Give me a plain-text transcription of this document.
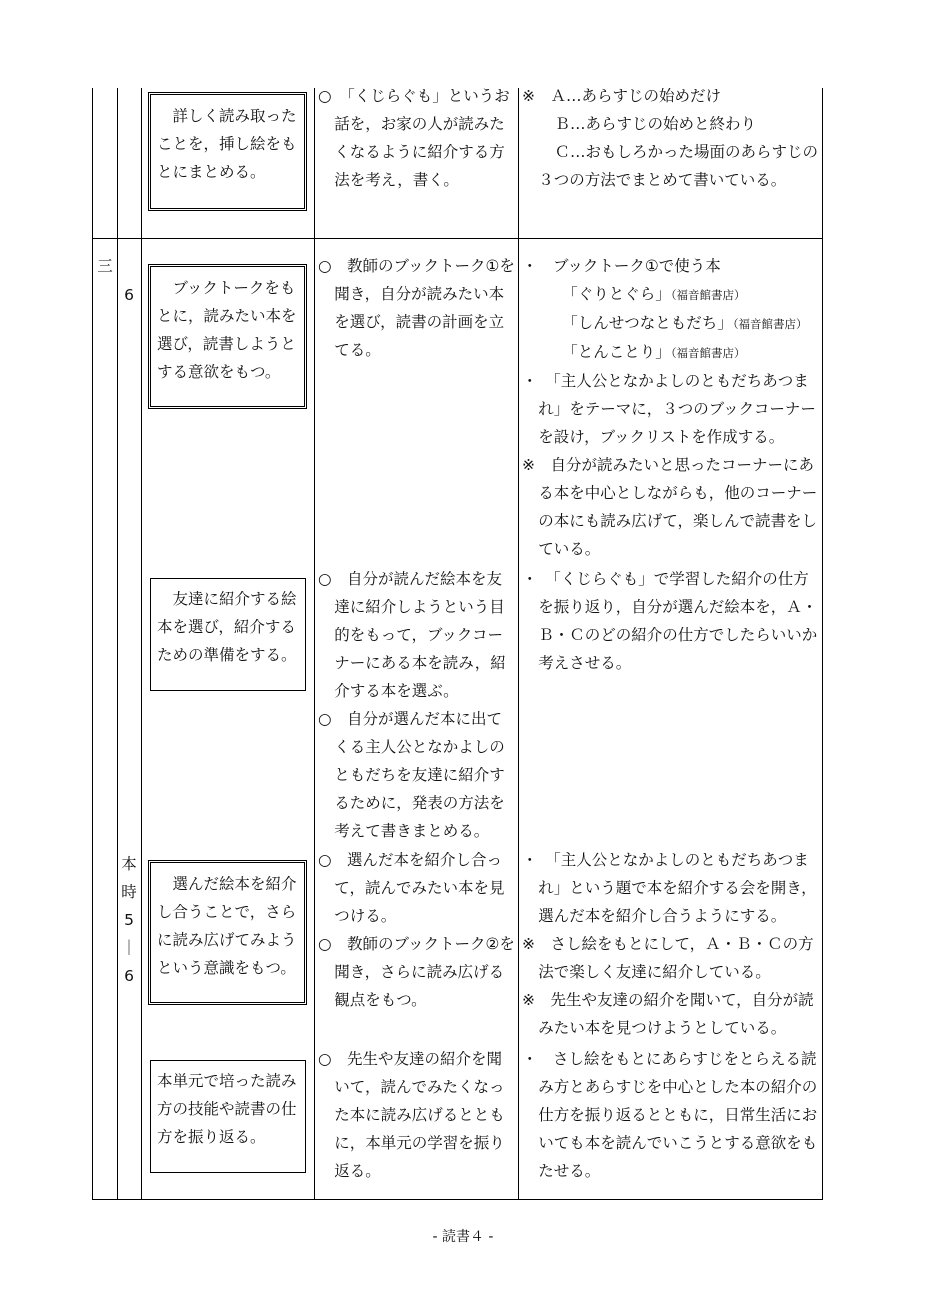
詳しく読み取ったことを，挿し絵をもとにまとめる。

○　「くじらぐも」というお話を，お家の人が読みたくなるように紹介する方法を考え，書く。

※　Ａ…あらすじの始めだけ

Ｂ…あらすじの始めと終わり

Ｃ…おもしろかった場面のあらすじの３つの方法でまとめて書いている。

三
6
本
時
5
｜
6
ブックトークをもとに，読みたい本を選び，読書しようとする意欲をもつ。

○　教師のブックトーク①を聞き，自分が読みたい本を選び，読書の計画を立てる。

・　ブックトーク①で使う本

「ぐりとぐら」（福音館書店）

「しんせつなともだち」（福音館書店）

「とんことり」（福音館書店）

・　「主人公となかよしのともだちあつまれ」をテーマに，３つのブックコーナーを設け，ブックリストを作成する。

※　自分が読みたいと思ったコーナーにある本を中心としながらも，他のコーナーの本にも読み広げて，楽しんで読書をしている。

友達に紹介する絵本を選び，紹介するための準備をする。

○　自分が読んだ絵本を友達に紹介しようという目的をもって，ブックコーナーにある本を読み，紹介する本を選ぶ。

○　自分が選んだ本に出てくる主人公となかよしのともだちを友達に紹介するために，発表の方法を考えて書きまとめる。

・　「くじらぐも」で学習した紹介の仕方を振り返り，自分が選んだ絵本を，Ａ・Ｂ・Ｃのどの紹介の仕方でしたらいいか考えさせる。

選んだ絵本を紹介し合うことで，さらに読み広げてみようという意識をもつ。

○　選んだ本を紹介し合って，読んでみたい本を見つける。

○　教師のブックトーク②を聞き，さらに読み広げる観点をもつ。

・　「主人公となかよしのともだちあつまれ」という題で本を紹介する会を開き，選んだ本を紹介し合うようにする。

※　さし絵をもとにして，Ａ・Ｂ・Ｃの方法で楽しく友達に紹介している。

※　先生や友達の紹介を聞いて，自分が読みたい本を見つけようとしている。

本単元で培った読み方の技能や読書の仕方を振り返る。

○　先生や友達の紹介を聞いて，読んでみたくなった本に読み広げるとともに，本単元の学習を振り返る。

・　さし絵をもとにあらすじをとらえる読み方とあらすじを中心とした本の紹介の仕方を振り返るとともに，日常生活においても本を読んでいこうとする意欲をもたせる。

- 読書４ -
